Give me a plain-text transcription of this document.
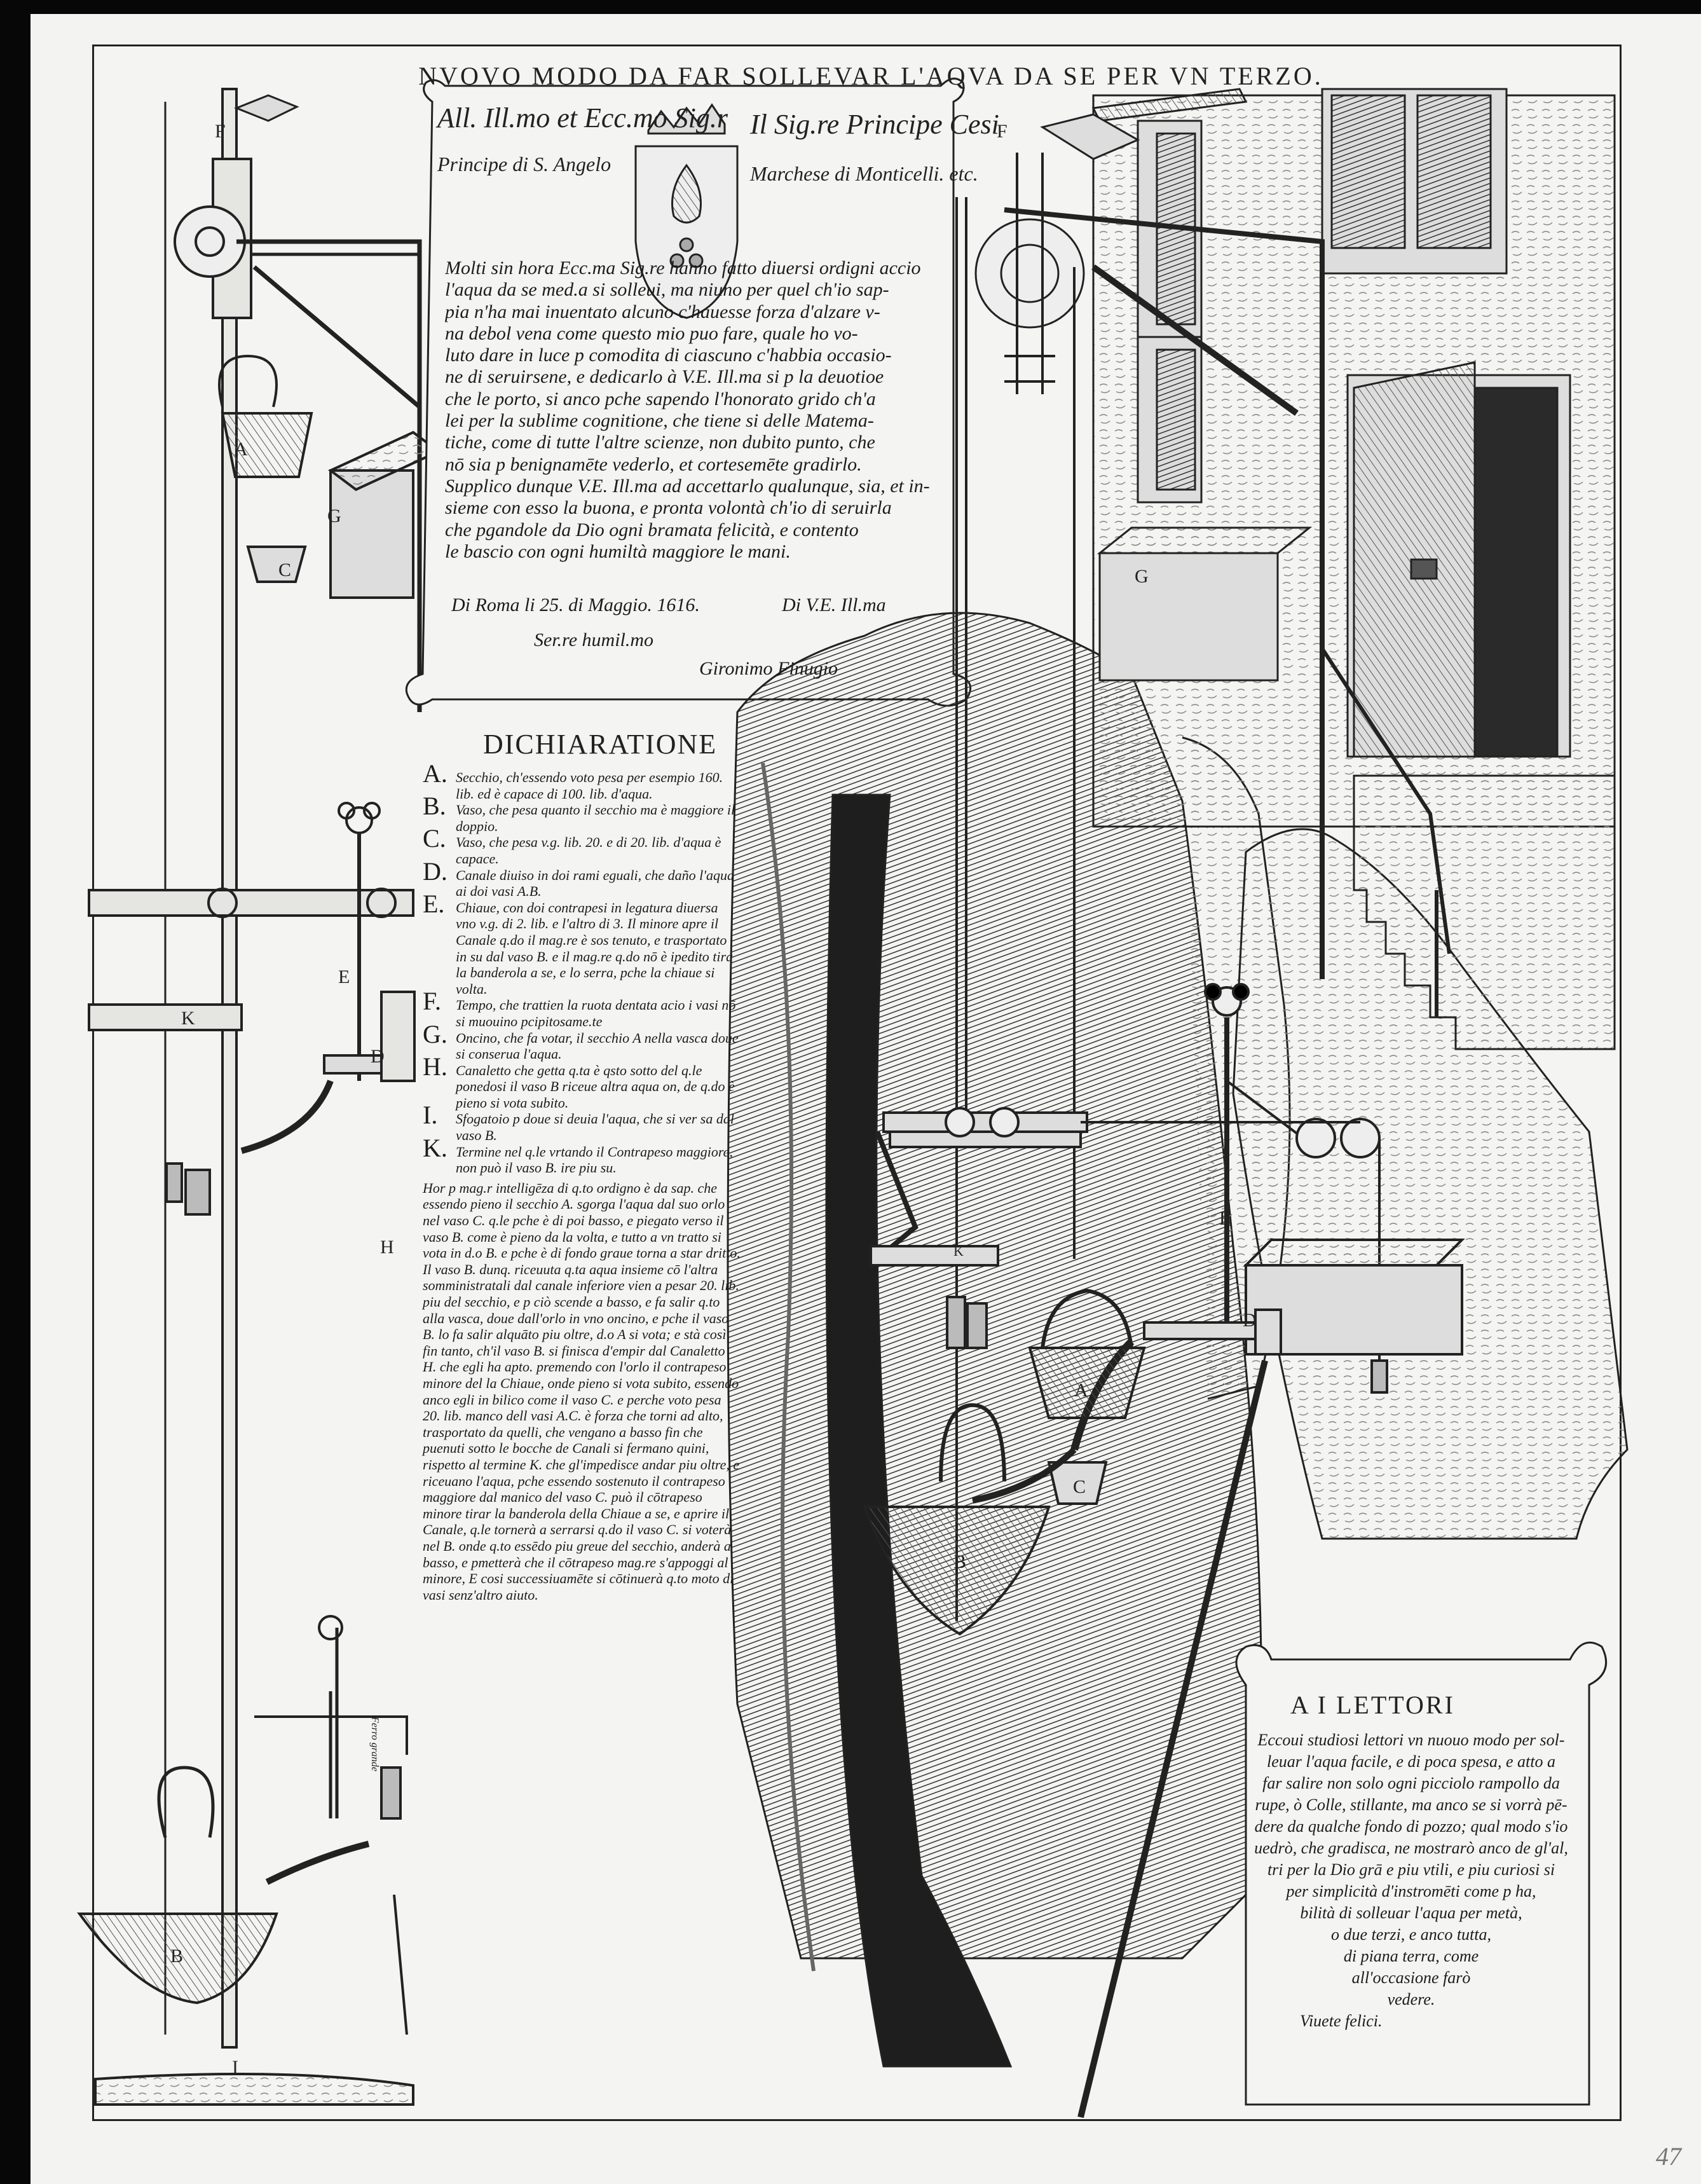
NVOVO MODO DA FAR SOLLEVAR L'AQVA DA SE PER VN TERZO.
All. Ill.mo et Ecc.mo Sig.r
Principe di S. Angelo
Il Sig.re Principe Cesi
Marchese di Monticelli. etc.
Molti sin hora Ecc.ma Sig.re hanno fatto diuersi ordigni accio
l'aqua da se med.a si solleui, ma niuno per quel ch'io sap-
pia n'ha mai inuentato alcuno c'hauesse forza d'alzare v-
na debol vena come questo mio puo fare, quale ho vo-
luto dare in luce p comodita di ciascuno c'habbia occasio-
ne di seruirsene, e dedicarlo à V.E. Ill.ma si p la deuotioe
che le porto, si anco pche sapendo l'honorato grido ch'a
lei per la sublime cognitione, che tiene si delle Matema-
tiche, come di tutte l'altre scienze, non dubito punto, che
nō sia p benignamēte vederlo, et cortesemēte gradirlo.
Supplico dunque V.E. Ill.ma ad accettarlo qualunque, sia, et in-
sieme con esso la buona, e pronta volontà ch'io di seruirla
che pgandole da Dio ogni bramata felicità, e contento
le bascio con ogni humiltà maggiore le mani.
Di Roma li 25. di Maggio. 1616.	Di V.E. Ill.ma
Ser.re humil.mo
Gironimo Finugio
DICHIARATIONE
A. Secchio, ch'essendo voto pesa per esempio 160. lib. ed è capace di 100. lib. d'aqua.
B. Vaso, che pesa quanto il secchio ma è maggiore il doppio.
C. Vaso, che pesa v.g. lib. 20. e di 20. lib. d'aqua è capace.
D. Canale diuiso in doi rami eguali, che daño l'aqua ai doi vasi A.B.
E. Chiaue, con doi contrapesi in legatura diuersa vno v.g. di 2. lib. e l'altro di 3. Il minore apre il Canale q.do il mag.re è sos tenuto, e trasportato in su dal vaso B. e il mag.re q.do nō è ipedito tira la banderola a se, e lo serra, pche la chiaue si volta.
F. Tempo, che trattien la ruota dentata acio i vasi nō si muouino pcipitosame.te
G. Oncino, che fa votar, il secchio A nella vasca doue si conserua l'aqua.
H. Canaletto che getta q.ta è qsto sotto del q.le ponedosi il vaso B riceue altra aqua on, de q.do è pieno si vota subito.
I. Sfogatoio p doue si deuia l'aqua, che si ver sa dal vaso B.
K. Termine nel q.le vrtando il Contrapeso maggiore, non può il vaso B. ire piu su.
Hor p mag.r intelligēza di q.to ordigno è da sap. che essendo pieno il secchio A. sgorga l'aqua dal suo orlo nel vaso C. q.le pche è di poi basso, e piegato verso il vaso B. come è pieno da la volta, e tutto a vn tratto si vota in d.o B. e pche è di fondo graue torna a star dritto. Il vaso B. dunq. riceuuta q.ta aqua insieme cō l'altra somministratali dal canale inferiore vien a pesar 20. lib. piu del secchio, e p ciò scende a basso, e fa salir q.to alla vasca, doue dall'orlo in vno oncino, e pche il vaso B. lo fa salir alquāto piu oltre, d.o A si vota; e stà così fin tanto, ch'il vaso B. si finisca d'empir dal Canaletto H. che egli ha apto. premendo con l'orlo il contrapeso minore del la Chiaue, onde pieno si vota subito, essendo anco egli in bilico come il vaso C. e perche voto pesa 20. lib. manco dell vasi A.C. è forza che torni ad alto, trasportato da quelli, che vengano a basso fin che puenuti sotto le bocche de Canali si fermano quini, rispetto al termine K. che gl'impedisce andar piu oltre, e riceuano l'aqua, pche essendo sostenuto il contrapeso maggiore dal manico del vaso C. può il cōtrapeso minore tirar la banderola della Chiaue a se, e aprire il Canale, q.le tornerà a serrarsi q.do il vaso C. si voterà nel B. onde q.to essēdo piu greue del secchio, anderà a basso, e pmetterà che il cōtrapeso mag.re s'appoggi al minore, E cosi successiuamēte si cōtinuerà q.to moto di vasi senz'altro aiuto.
A I LETTORI
Eccoui studiosi lettori vn nuouo modo per sol-
leuar l'aqua facile, e di poca spesa, e atto a
far salire non solo ogni picciolo rampollo da
rupe, ò Colle, stillante, ma anco se si vorrà pē-
dere da qualche fondo di pozzo; qual modo s'io
uedrò, che gradisca, ne mostrarò anco de gl'al,
tri per la Dio grā e piu vtili, e piu curiosi si
per simplicità d'instromēti come p ha,
bilità di solleuar l'aqua per metà,
o due terzi, e anco tutta,
di piana terra, come
all'occasione farò
vedere.
Viuete felici.
A
G
C
F
E
K
D
H
B
I
Ferro grande
F
G
E
K
D
A
C
B
47
